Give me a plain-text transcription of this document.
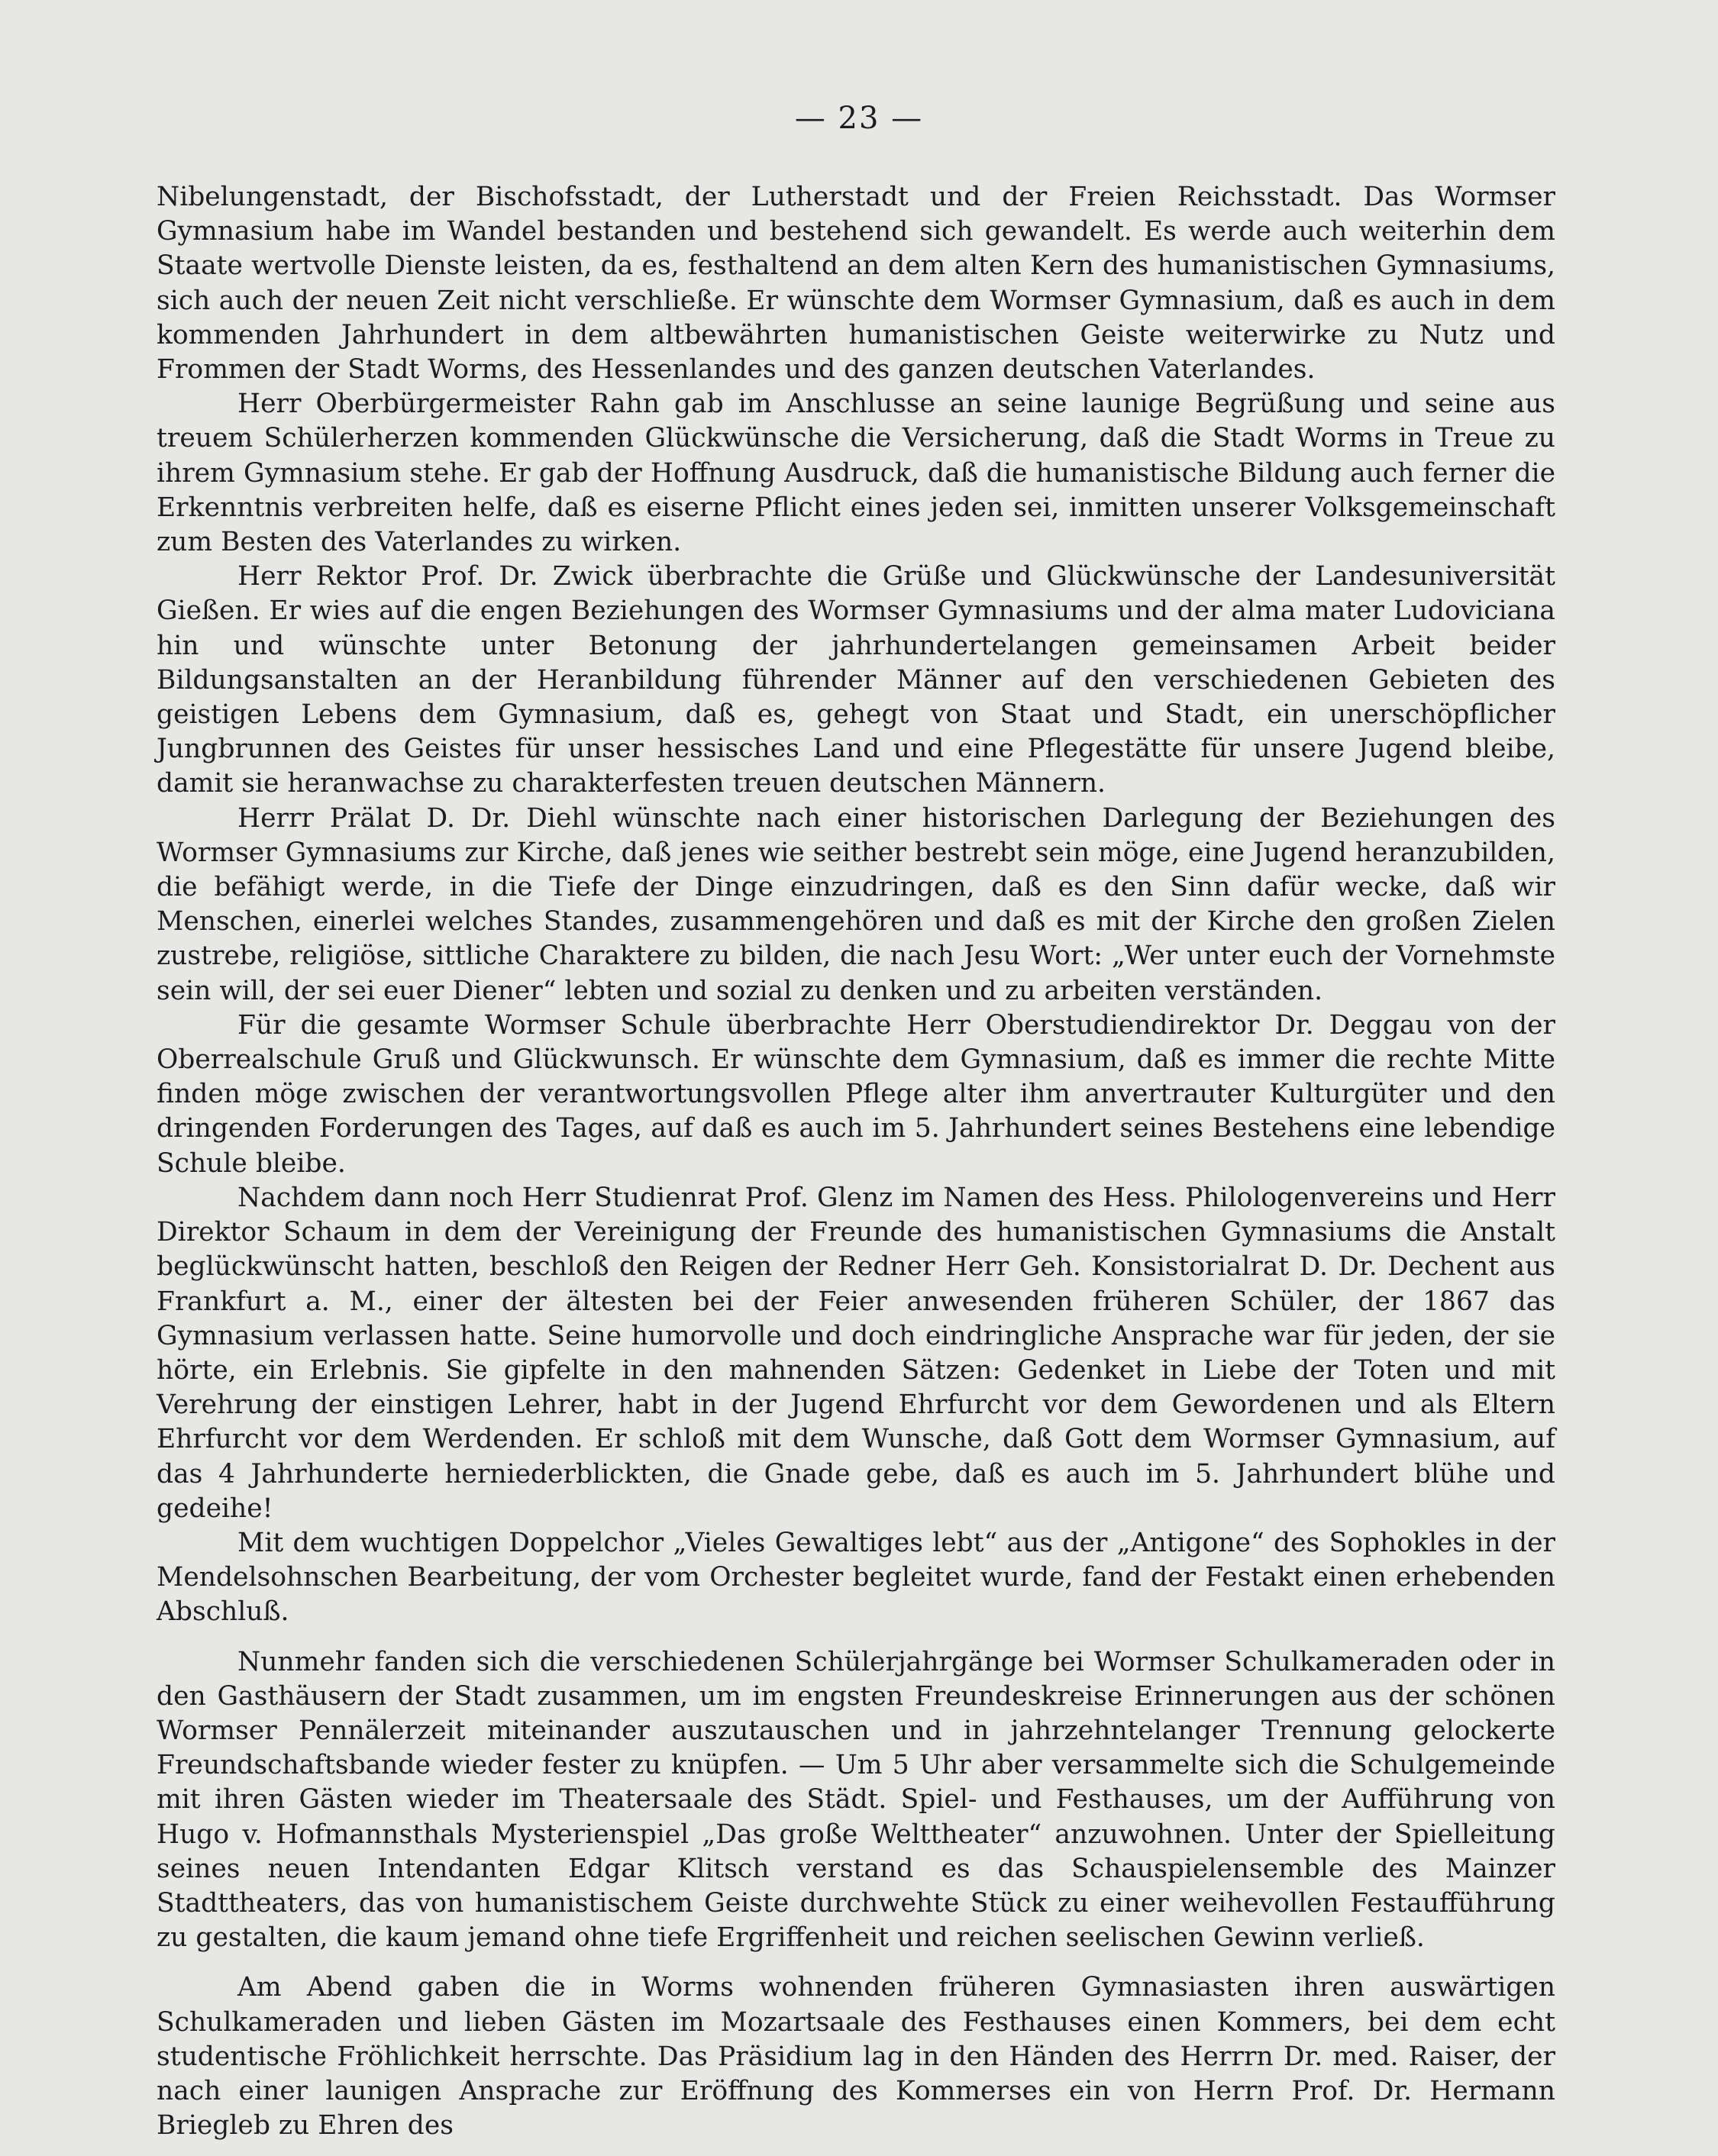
— 23 —

Nibelungenstadt, der Bischofsstadt, der Lutherstadt und der Freien Reichsstadt. Das Wormser Gymnasium habe im Wandel bestanden und bestehend sich gewandelt. Es werde auch weiterhin dem Staate wertvolle Dienste leisten, da es, festhaltend an dem alten Kern des humanistischen Gymnasiums, sich auch der neuen Zeit nicht verschließe. Er wünschte dem Wormser Gymnasium, daß es auch in dem kommenden Jahrhundert in dem altbewährten humanistischen Geiste weiterwirke zu Nutz und Frommen der Stadt Worms, des Hessenlandes und des ganzen deutschen Vaterlandes.

Herr Oberbürgermeister Rahn gab im Anschlusse an seine launige Begrüßung und seine aus treuem Schülerherzen kommenden Glückwünsche die Versicherung, daß die Stadt Worms in Treue zu ihrem Gymnasium stehe. Er gab der Hoffnung Ausdruck, daß die humanistische Bildung auch ferner die Erkenntnis verbreiten helfe, daß es eiserne Pflicht eines jeden sei, inmitten unserer Volksgemeinschaft zum Besten des Vaterlandes zu wirken.

Herr Rektor Prof. Dr. Zwick überbrachte die Grüße und Glückwünsche der Landesuniversität Gießen. Er wies auf die engen Beziehungen des Wormser Gymnasiums und der alma mater Ludoviciana hin und wünschte unter Betonung der jahrhundertelangen gemeinsamen Arbeit beider Bildungsanstalten an der Heranbildung führender Männer auf den verschiedenen Gebieten des geistigen Lebens dem Gymnasium, daß es, gehegt von Staat und Stadt, ein unerschöpflicher Jungbrunnen des Geistes für unser hessisches Land und eine Pflegestätte für unsere Jugend bleibe, damit sie heranwachse zu charakterfesten treuen deutschen Männern.

Herrr Prälat D. Dr. Diehl wünschte nach einer historischen Darlegung der Beziehungen des Wormser Gymnasiums zur Kirche, daß jenes wie seither bestrebt sein möge, eine Jugend heranzubilden, die befähigt werde, in die Tiefe der Dinge einzudringen, daß es den Sinn dafür wecke, daß wir Menschen, einerlei welches Standes, zusammengehören und daß es mit der Kirche den großen Zielen zustrebe, religiöse, sittliche Charaktere zu bilden, die nach Jesu Wort: „Wer unter euch der Vornehmste sein will, der sei euer Diener“ lebten und sozial zu denken und zu arbeiten verständen.

Für die gesamte Wormser Schule überbrachte Herr Oberstudiendirektor Dr. Deggau von der Oberrealschule Gruß und Glückwunsch. Er wünschte dem Gymnasium, daß es immer die rechte Mitte finden möge zwischen der verantwortungsvollen Pflege alter ihm anvertrauter Kulturgüter und den dringenden Forderungen des Tages, auf daß es auch im 5. Jahrhundert seines Bestehens eine lebendige Schule bleibe.

Nachdem dann noch Herr Studienrat Prof. Glenz im Namen des Hess. Philologenvereins und Herr Direktor Schaum in dem der Vereinigung der Freunde des humanistischen Gymnasiums die Anstalt beglückwünscht hatten, beschloß den Reigen der Redner Herr Geh. Konsistorialrat D. Dr. Dechent aus Frankfurt a. M., einer der ältesten bei der Feier anwesenden früheren Schüler, der 1867 das Gymnasium verlassen hatte. Seine humorvolle und doch eindringliche Ansprache war für jeden, der sie hörte, ein Erlebnis. Sie gipfelte in den mahnenden Sätzen: Gedenket in Liebe der Toten und mit Verehrung der einstigen Lehrer, habt in der Jugend Ehrfurcht vor dem Gewordenen und als Eltern Ehrfurcht vor dem Werdenden. Er schloß mit dem Wunsche, daß Gott dem Wormser Gymnasium, auf das 4 Jahrhunderte herniederblickten, die Gnade gebe, daß es auch im 5. Jahrhundert blühe und gedeihe!

Mit dem wuchtigen Doppelchor „Vieles Gewaltiges lebt“ aus der „Antigone“ des Sophokles in der Mendelsohnschen Bearbeitung, der vom Orchester begleitet wurde, fand der Festakt einen erhebenden Abschluß.

Nunmehr fanden sich die verschiedenen Schülerjahrgänge bei Wormser Schulkameraden oder in den Gasthäusern der Stadt zusammen, um im engsten Freundeskreise Erinnerungen aus der schönen Wormser Pennälerzeit miteinander auszutauschen und in jahrzehntelanger Trennung gelockerte Freundschaftsbande wieder fester zu knüpfen. — Um 5 Uhr aber versammelte sich die Schulgemeinde mit ihren Gästen wieder im Theatersaale des Städt. Spiel- und Festhauses, um der Aufführung von Hugo v. Hofmannsthals Mysterienspiel „Das große Welttheater“ anzuwohnen. Unter der Spielleitung seines neuen Intendanten Edgar Klitsch verstand es das Schauspielensemble des Mainzer Stadttheaters, das von humanistischem Geiste durchwehte Stück zu einer weihevollen Festaufführung zu gestalten, die kaum jemand ohne tiefe Ergriffenheit und reichen seelischen Gewinn verließ.

Am Abend gaben die in Worms wohnenden früheren Gymnasiasten ihren auswärtigen Schulkameraden und lieben Gästen im Mozartsaale des Festhauses einen Kommers, bei dem echt studentische Fröhlichkeit herrschte. Das Präsidium lag in den Händen des Herrrn Dr. med. Raiser, der nach einer launigen Ansprache zur Eröffnung des Kommerses ein von Herrn Prof. Dr. Hermann Briegleb zu Ehren des
